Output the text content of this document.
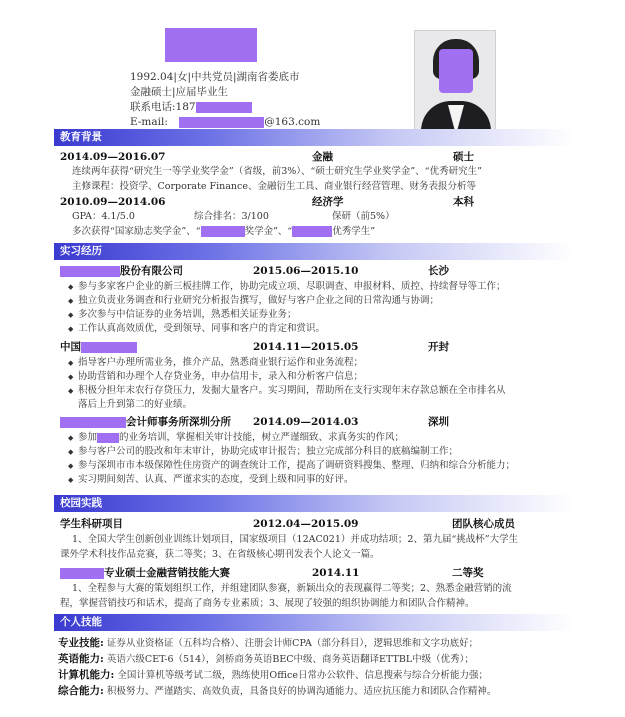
1992.04|女|中共党员|湖南省娄底市
金融硕士|应届毕业生
联系电话:187
E-mail:	@163.com
教育背景
2014.09—2016.07	金融	硕士
连续两年获得“研究生一等学业奖学金”（省级，前3%）、“硕士研究生学业奖学金”、“优秀研究生”
主修课程：投资学、Corporate Finance、金融衍生工具、商业银行经营管理、财务表报分析等
2010.09—2014.06	经济学	本科
GPA：4.1/5.0	综合排名：3/100	保研（前5%）
多次获得“国家励志奖学金”、“	奖学金”、“	优秀学生”
实习经历
股份有限公司	2015.06—2015.10	长沙
◆ 参与多家客户企业的新三板挂牌工作，协助完成立项、尽职调查、申报材料、质控、持续督导等工作；
◆ 独立负责业务调查和行业研究分析报告撰写，做好与客户企业之间的日常沟通与协调；
◆ 多次参与中信证券的业务培训，熟悉相关证券业务；
◆ 工作认真高效质优，受到领导、同事和客户的肯定和赏识。
中国	2014.11—2015.05	开封
◆ 指导客户办理所需业务，推介产品，熟悉商业银行运作和业务流程；
◆ 协助营销和办理个人存贷业务，申办信用卡，录入和分析客户信息；
◆ 积极分担年末农行存贷压力，发掘大量客户。实习期间，帮助所在支行实现年末存款总额在全市排名从
落后上升到第二的好业绩。
会计师事务所深圳分所 2014.09—2014.03	深圳
◆ 参加 的业务培训，掌握相关审计技能，树立严谨细致、求真务实的作风；
◆ 参与客户公司的股改和年末审计，协助完成审计报告；独立完成部分科目的底稿编制工作；
◆ 参与深圳市市本级保障性住房资产的调查统计工作，提高了调研资料搜集、整理、归纳和综合分析能力；
◆ 实习期间刻苦、认真、严谨求实的态度，受到上级和同事的好评。
校园实践
学生科研项目	2012.04—2015.09	团队核心成员
1、全国大学生创新创业训练计划项目，国家级项目（12AC021）并成功结项；2、第九届“挑战杯”大学生
课外学术科技作品竞赛，获二等奖；3、在省级核心期刊发表个人论文一篇。
专业硕士金融营销技能大赛	2014.11	二等奖
1、全程参与大赛的策划组织工作，并组建团队参赛，新颖出众的表现赢得二等奖；2、熟悉金融营销的流
程，掌握营销技巧和话术，提高了商务专业素质；3、展现了较强的组织协调能力和团队合作精神。
个人技能
专业技能: 证券从业资格证（五科均合格）、注册会计师CPA（部分科目），逻辑思维和文字功底好；
英语能力: 英语六级CET-6（514），剑桥商务英语BEC中级、商务英语翻译ETTBL中级（优秀）；
计算机能力: 全国计算机等级考试二级，熟练使用Office日常办公软件、信息搜索与综合分析能力强；
综合能力: 积极努力、严谨踏实、高效负责，具备良好的协调沟通能力、适应抗压能力和团队合作精神。
